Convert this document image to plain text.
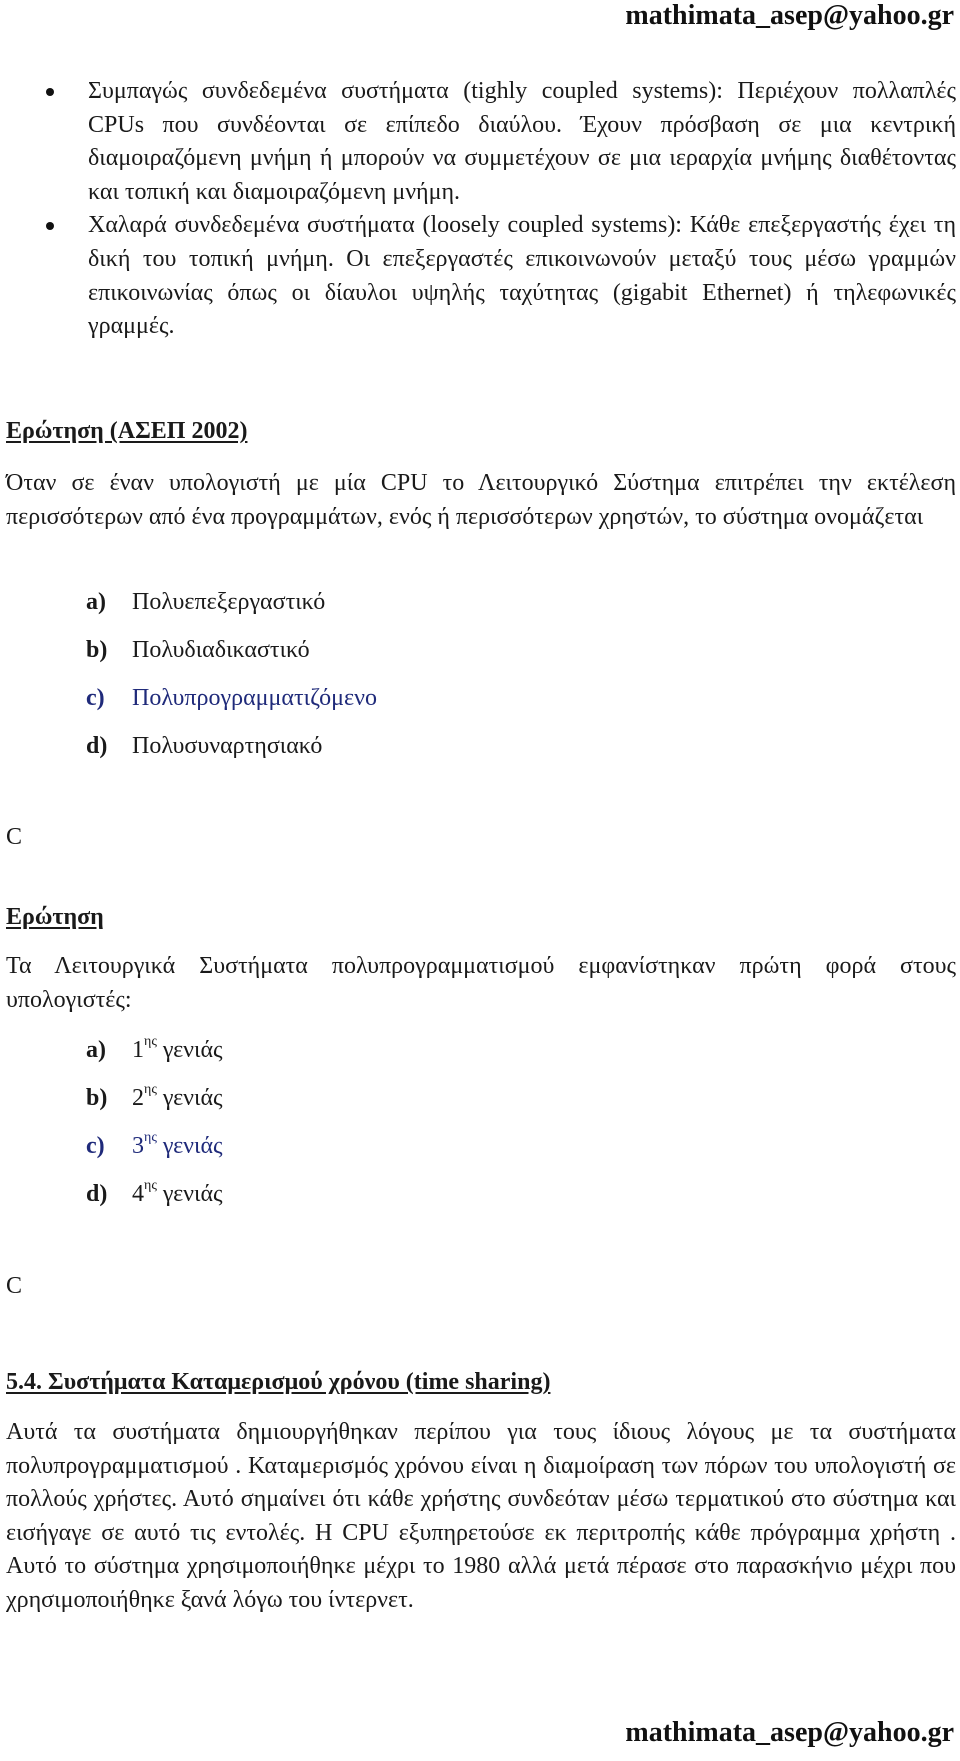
mathimata_asep@yahoo.gr
Συμπαγώς συνδεδεμένα συστήματα (tighly coupled systems): Περιέχουν πολλαπλές CPUs που συνδέονται σε επίπεδο διαύλου. Έχουν πρόσβαση σε μια κεντρική διαμοιραζόμενη μνήμη ή μπορούν να συμμετέχουν σε μια ιεραρχία μνήμης διαθέτοντας και τοπική και διαμοιραζόμενη μνήμη.
Χαλαρά συνδεδεμένα συστήματα (loosely coupled systems): Κάθε επεξεργαστής έχει τη δική του τοπική μνήμη. Οι επεξεργαστές επικοινωνούν μεταξύ τους μέσω γραμμών επικοινωνίας όπως οι δίαυλοι υψηλής ταχύτητας (gigabit Ethernet) ή τηλεφωνικές γραμμές.
Ερώτηση (ΑΣΕΠ 2002)
Όταν σε έναν υπολογιστή με μία CPU το Λειτουργικό Σύστημα επιτρέπει την εκτέλεση περισσότερων από ένα προγραμμάτων, ενός ή περισσότερων χρηστών, το σύστημα ονομάζεται
a) Πολυεπεξεργαστικό
b) Πολυδιαδικαστικό
c) Πολυπρογραμματιζόμενο
d) Πολυσυναρτησιακό
C
Ερώτηση
Τα Λειτουργικά Συστήματα πολυπρογραμματισμού εμφανίστηκαν πρώτη φορά στους υπολογιστές:
a) $1^{\eta\varsigma}$ γενιάς
b) $2^{\eta\varsigma}$ γενιάς
c) $3^{\eta\varsigma}$ γενιάς
d) $4^{\eta\varsigma}$ γενιάς
C
5.4. Συστήματα Καταμερισμού χρόνου (time sharing)
Αυτά τα συστήματα δημιουργήθηκαν περίπου για τους ίδιους λόγους με τα συστήματα πολυπρογραμματισμού . Καταμερισμός χρόνου είναι η διαμοίραση των πόρων του υπολογιστή σε πολλούς χρήστες. Αυτό σημαίνει ότι κάθε χρήστης συνδεόταν μέσω τερματικού στο σύστημα και εισήγαγε σε αυτό τις εντολές. Η CPU εξυπηρετούσε εκ περιτροπής κάθε πρόγραμμα χρήστη . Αυτό το σύστημα χρησιμοποιήθηκε μέχρι το 1980 αλλά μετά πέρασε στο παρασκήνιο μέχρι που χρησιμοποιήθηκε ξανά λόγω του ίντερνετ.
mathimata_asep@yahoo.gr
